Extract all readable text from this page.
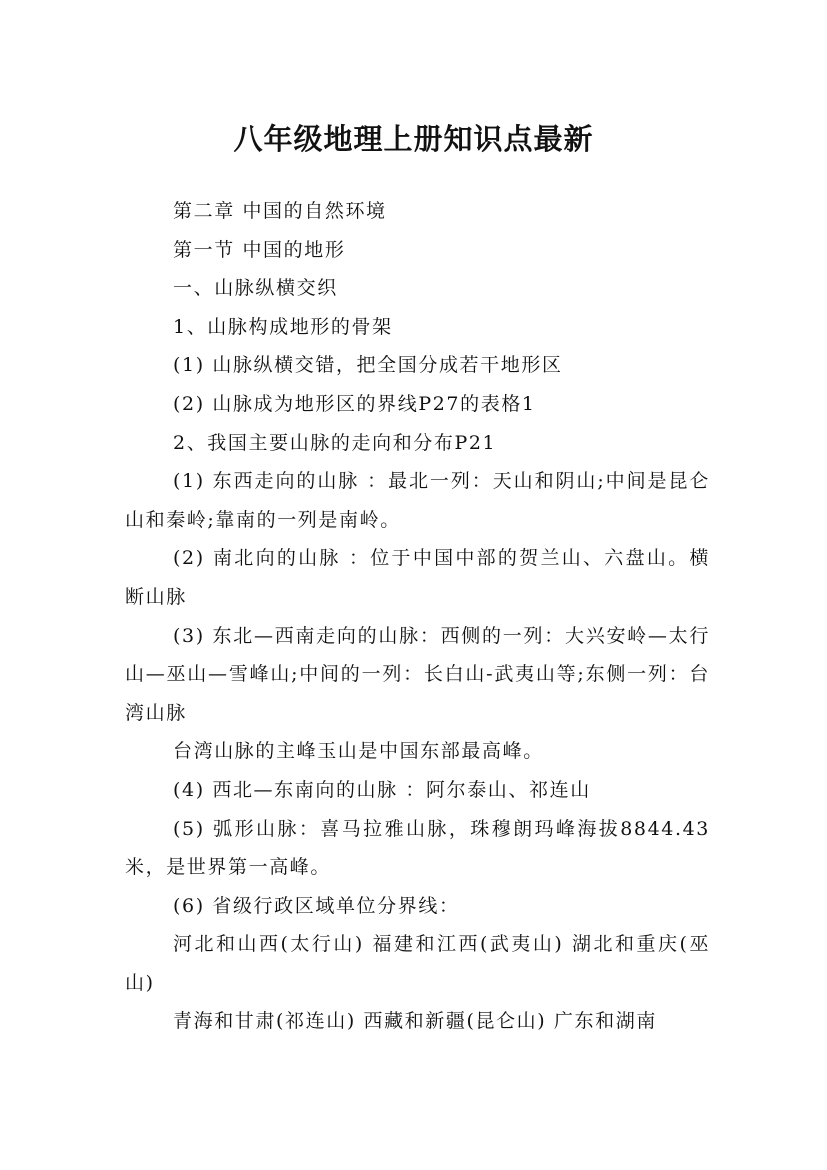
八年级地理上册知识点最新

第二章 中国的自然环境

第一节 中国的地形

一、山脉纵横交织

1、山脉构成地形的骨架

(1) 山脉纵横交错，把全国分成若干地形区

(2) 山脉成为地形区的界线P27的表格1

2、我国主要山脉的走向和分布P21

(1) 东西走向的山脉 ：最北一列：天山和阴山;中间是昆仑山和秦岭;靠南的一列是南岭。

(2) 南北向的山脉 ：位于中国中部的贺兰山、六盘山。横断山脉

(3) 东北—西南走向的山脉：西侧的一列：大兴安岭—太行山—巫山—雪峰山;中间的一列：长白山-武夷山等;东侧一列：台湾山脉

台湾山脉的主峰玉山是中国东部最高峰。

(4) 西北—东南向的山脉 ：阿尔泰山、祁连山

(5) 弧形山脉：喜马拉雅山脉，珠穆朗玛峰海拔8844.43米，是世界第一高峰。

(6) 省级行政区域单位分界线：

河北和山西(太行山) 福建和江西(武夷山) 湖北和重庆(巫山)

青海和甘肃(祁连山) 西藏和新疆(昆仑山) 广东和湖南
